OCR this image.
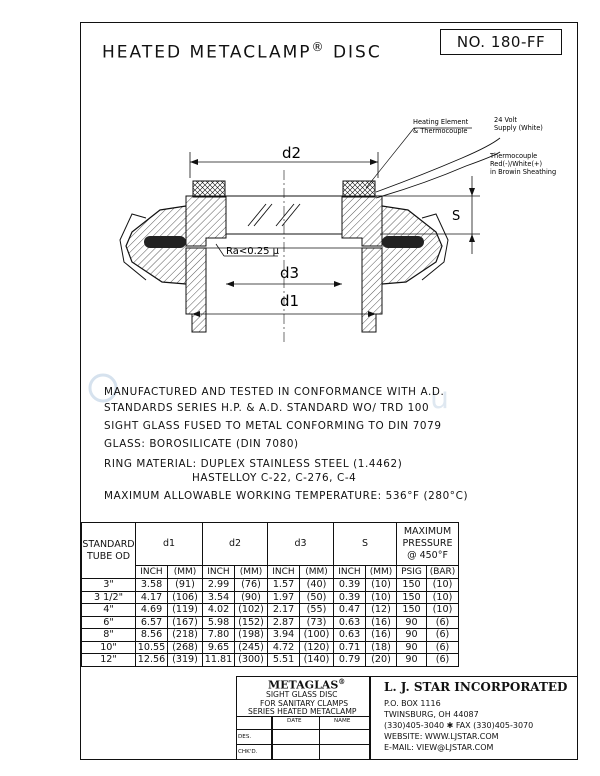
HEATED METACLAMP® DISC
NO. 180-FF
d2
Ra<0.25 μ
d3
d1
S
Heating Element
& Thermocouple
24 Volt
Supply (White)
Thermocouple
Red(-)/White(+)
in Browin Sheathing
u
MANUFACTURED AND TESTED IN CONFORMANCE WITH A.D.
STANDARDS SERIES H.P. & A.D. STANDARD WO/ TRD 100
SIGHT GLASS FUSED TO METAL CONFORMING TO DIN 7079
GLASS: BOROSILICATE (DIN 7080)
RING MATERIAL: DUPLEX STAINLESS STEEL (1.4462)
HASTELLOY C-22, C-276, C-4
MAXIMUM ALLOWABLE WORKING TEMPERATURE: 536°F (280°C)
STANDARD TUBE OD	d1		d2		d3		S		MAXIMUM PRESSURE @ 450°F	
	INCH	(MM)	INCH	(MM)	INCH	(MM)	INCH	(MM)	PSIG	(BAR)
3"	3.58	(91)	2.99	(76)	1.57	(40)	0.39	(10)	150	(10)
3 1/2"	4.17	(106)	3.54	(90)	1.97	(50)	0.39	(10)	150	(10)
4"	4.69	(119)	4.02	(102)	2.17	(55)	0.47	(12)	150	(10)
6"	6.57	(167)	5.98	(152)	2.87	(73)	0.63	(16)	90	(6)
8"	8.56	(218)	7.80	(198)	3.94	(100)	0.63	(16)	90	(6)
10"	10.55	(268)	9.65	(245)	4.72	(120)	0.71	(18)	90	(6)
12"	12.56	(319)	11.81	(300)	5.51	(140)	0.79	(20)	90	(6)
METAGLAS®
SIGHT GLASS DISC
FOR SANITARY CLAMPS
SERIES HEATED METACLAMP
DATE	NAME
DES.
CHK'D.
L. J. STAR INCORPORATED
P.O. BOX 1116
TWINSBURG, OH 44087
(330)405-3040 ✱ FAX (330)405-3070
WEBSITE: WWW.LJSTAR.COM
E-MAIL: VIEW@LJSTAR.COM
